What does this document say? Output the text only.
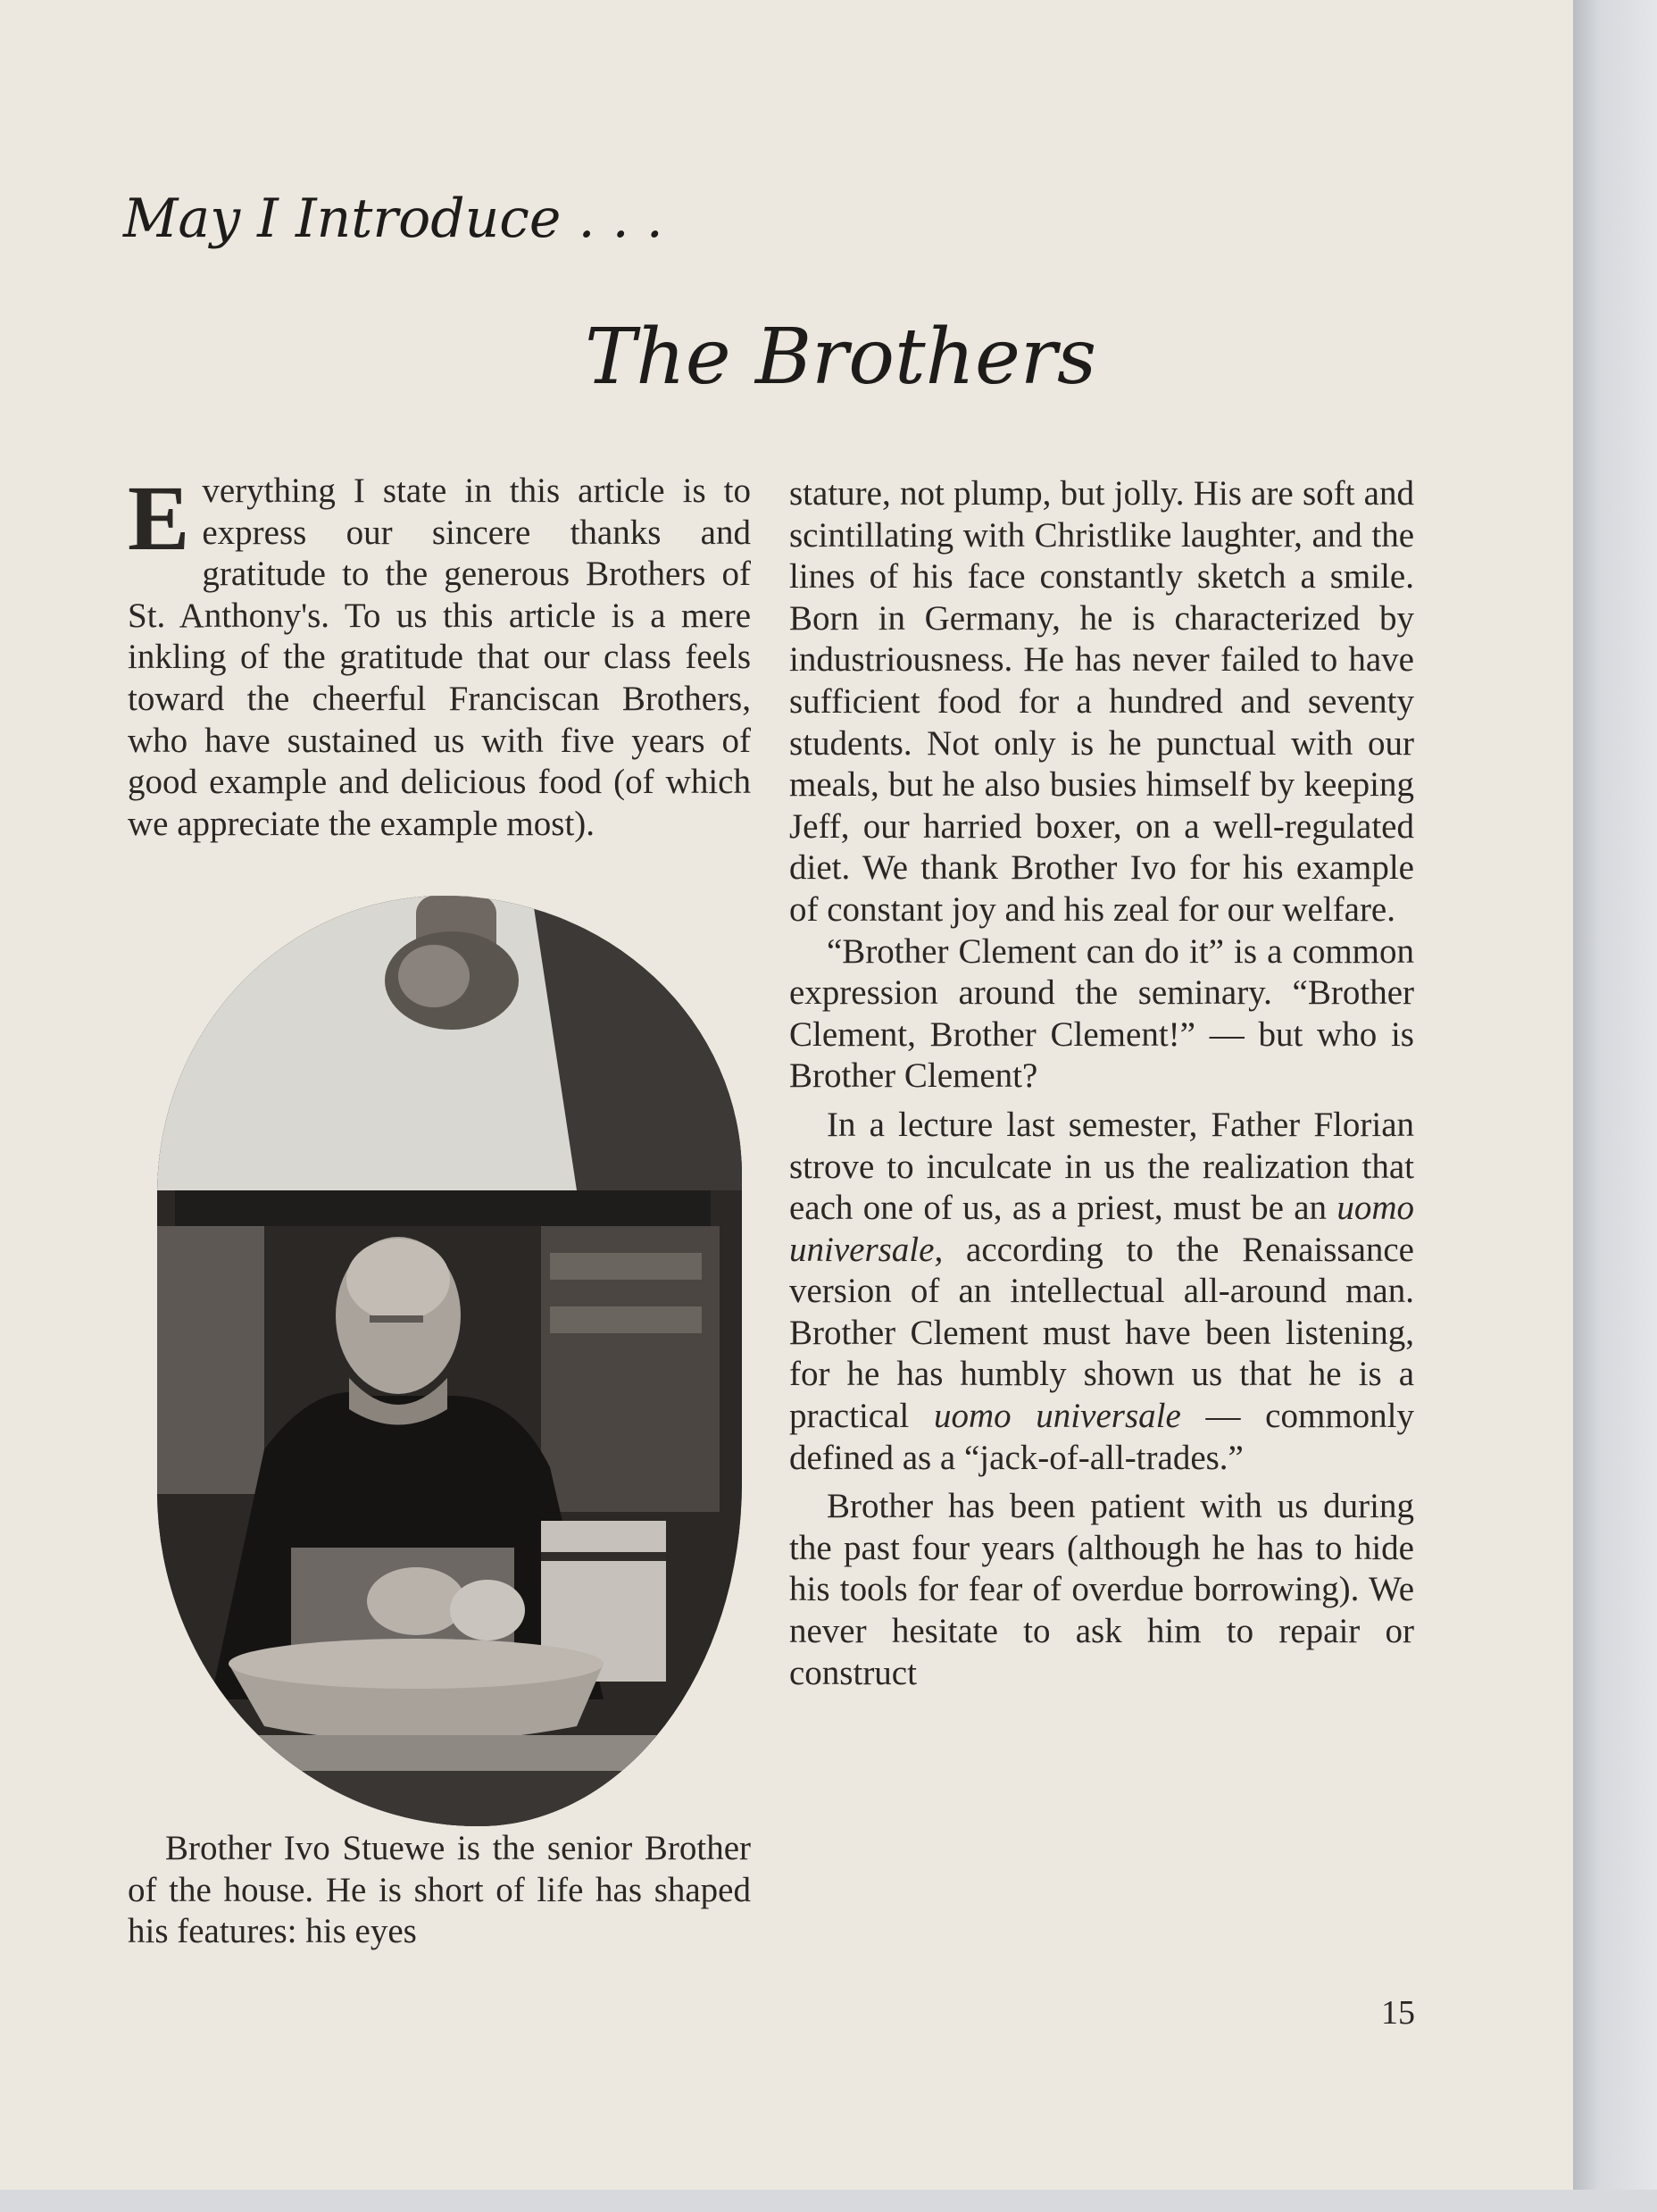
May I Introduce . . .
The Brothers

Everything I state in this article is to express our sincere thanks and gratitude to the generous Brothers of St. Anthony's. To us this article is a mere inkling of the gratitude that our class feels toward the cheerful Franciscan Brothers, who have sustained us with five years of good example and delicious food (of which we appreciate the example most).

Brother Ivo Stuewe is the senior Brother of the house. He is short of life has shaped his features: his eyes

stature, not plump, but jolly. His are soft and scintillating with Christlike laughter, and the lines of his face constantly sketch a smile. Born in Germany, he is characterized by industriousness. He has never failed to have sufficient food for a hundred and seventy students. Not only is he punctual with our meals, but he also busies himself by keeping Jeff, our harried boxer, on a well-regulated diet. We thank Brother Ivo for his example of constant joy and his zeal for our welfare.

“Brother Clement can do it” is a common expression around the seminary. “Brother Clement, Brother Clement!” — but who is Brother Clement?

In a lecture last semester, Father Florian strove to inculcate in us the realization that each one of us, as a priest, must be an uomo universale, according to the Renaissance version of an intellectual all-around man. Brother Clement must have been listening, for he has humbly shown us that he is a practical uomo universale — commonly defined as a “jack-of-all-trades.”

Brother has been patient with us during the past four years (although he has to hide his tools for fear of overdue borrowing). We never hesitate to ask him to repair or construct

15
